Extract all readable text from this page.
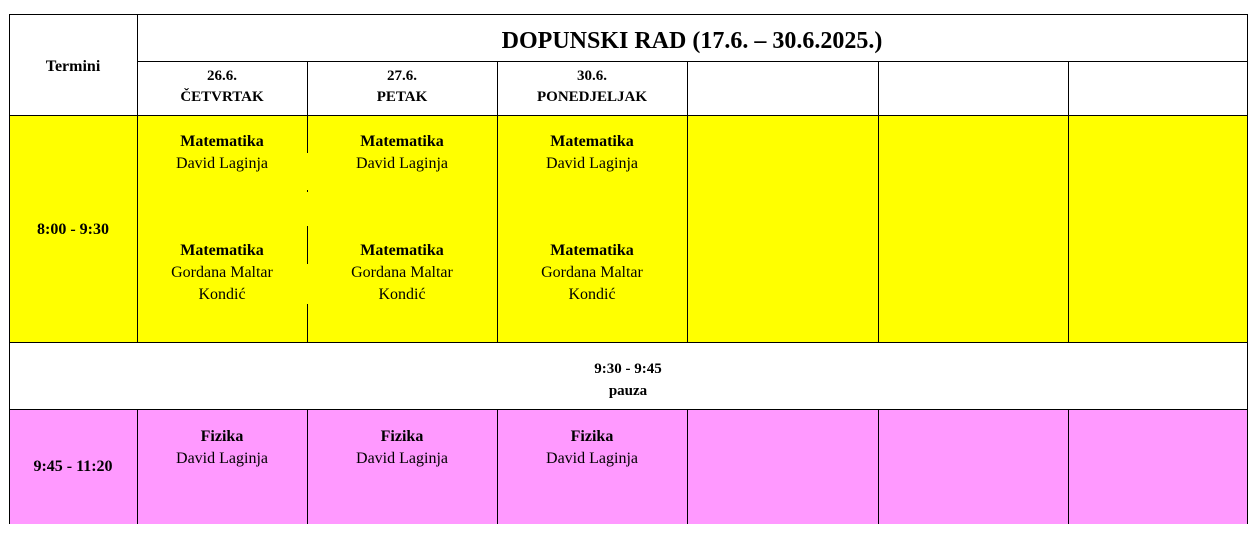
Termini
DOPUNSKI RAD (17.6. – 30.6.2025.)
26.6.
ČETVRTAK
27.6.
PETAK
30.6.
PONEDJELJAK
8:00 - 9:30
9:45 - 11:20
9:30 - 9:45
pauza
Matematika
David Laginja
Matematika
Gordana Maltar
Kondić
Matematika
David Laginja
Matematika
Gordana Maltar
Kondić
Matematika
David Laginja
Matematika
Gordana Maltar
Kondić
Fizika
David Laginja
Fizika
David Laginja
Fizika
David Laginja
